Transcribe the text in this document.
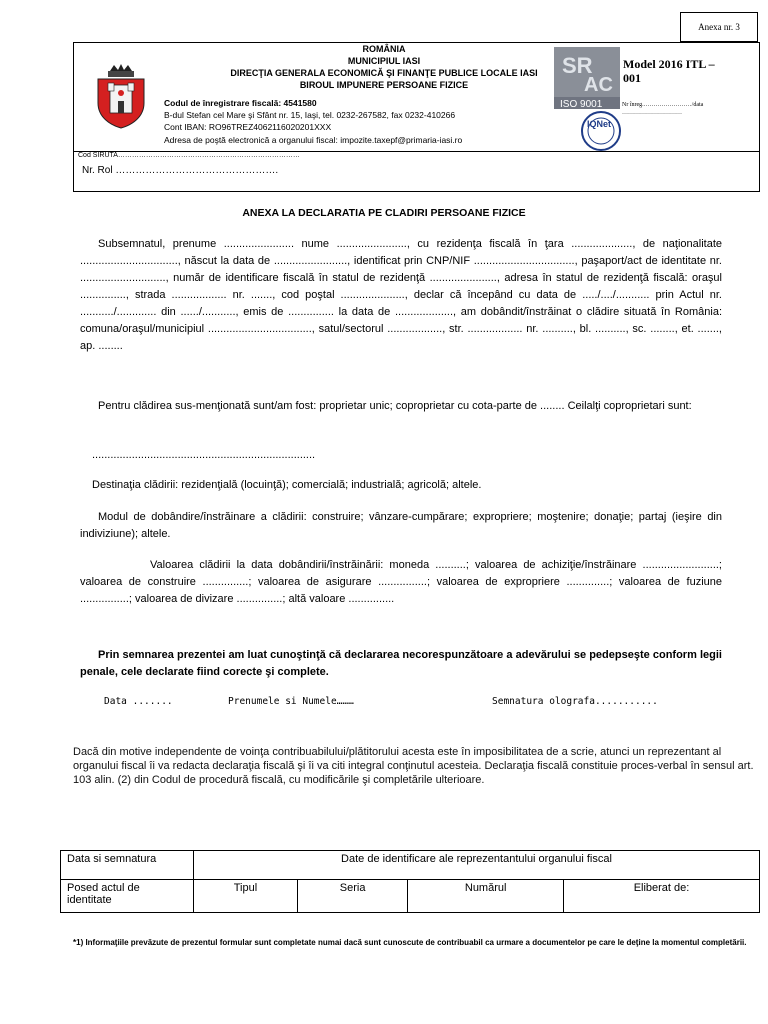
Anexa nr. 3
ROMÂNIA
MUNICIPIUL IASI
DIRECŢIA GENERALA ECONOMICĂ ŞI FINANŢE PUBLICE LOCALE IASI
BIROUL IMPUNERE PERSOANE FIZICE
Codul de înregistrare fiscală: 4541580
B-dul Stefan cel Mare şi Sfânt nr. 15, Iaşi, tel. 0232-267582, fax 0232-410266
Cont IBAN: RO96TREZ4062116020201XXX
Adresa de poştă electronică a organului fiscal: impozite.taxepf@primaria-iasi.ro
SR
AC
ISO 9001
IQNet
Model 2016 ITL – 001
Nr înreg.……………………/data …………………………
Cod SIRUTA……………………………………………………………………
Nr. Rol ………………………………………….
ANEXA LA DECLARATIA PE CLADIRI PERSOANE FIZICE
Subsemnatul, prenume ....................... nume ......................., cu rezidenţa fiscală în ţara ...................., de naţionalitate ................................, născut la data de ........................, identificat prin CNP/NIF ................................., paşaport/act de identitate nr. ............................, număr de identificare fiscală în statul de rezidenţă ......................, adresa în statul de rezidenţă fiscală: oraşul ..............., strada .................. nr. ......., cod poştal ....................., declar că începând cu data de ...../..../........... prin Actul nr. .........../............. din ....../..........., emis de ............... la data de ..................., am dobândit/înstrăinat o clădire situată în România: comuna/oraşul/municipiul .................................., satul/sectorul .................., str. .................. nr. .........., bl. .........., sc. ........, et. ......., ap. ........
Pentru clădirea sus-menţionată sunt/am fost: proprietar unic; coproprietar cu cota-parte de ........ Ceilalţi coproprietari sunt:
.........................................................................
Destinaţia clădirii: rezidenţială (locuinţă); comercială; industrială; agricolă; altele.
Modul de dobândire/înstrăinare a clădirii: construire; vânzare-cumpărare; expropriere; moştenire; donaţie; partaj (ieşire din indiviziune); altele.
Valoarea clădirii la data dobândirii/înstrăinării: moneda ..........; valoarea de achiziţie/înstrăinare .........................; valoarea de construire ...............; valoarea de asigurare ................; valoarea de expropriere ..............; valoarea de fuziune ................; valoarea de divizare ...............; altă valoare ...............
Prin semnarea prezentei am luat cunoştinţă că declararea necorespunzătoare a adevărului se pedepseşte conform legii penale, cele declarate fiind corecte şi complete.
Data .......	Prenumele si Numele………	Semnatura olografa...........
Dacă din motive independente de voinţa contribuabilului/plătitorului acesta este în imposibilitatea de a scrie, atunci un reprezentant al organului fiscal îi va redacta declaraţia fiscală şi îi va citi integral conţinutul acesteia. Declaraţia fiscală constituie proces-verbal în sensul art. 103 alin. (2) din Codul de procedură fiscală, cu modificările şi completările ulterioare.
Data si semnatura	Date de identificare ale reprezentantului organului fiscal			
Posed actul de identitate	Tipul	Seria	Numărul	Eliberat de:
*1) Informaţiile prevăzute de prezentul formular sunt completate numai dacă sunt cunoscute de contribuabil ca urmare a documentelor pe care le deţine la momentul completării.
